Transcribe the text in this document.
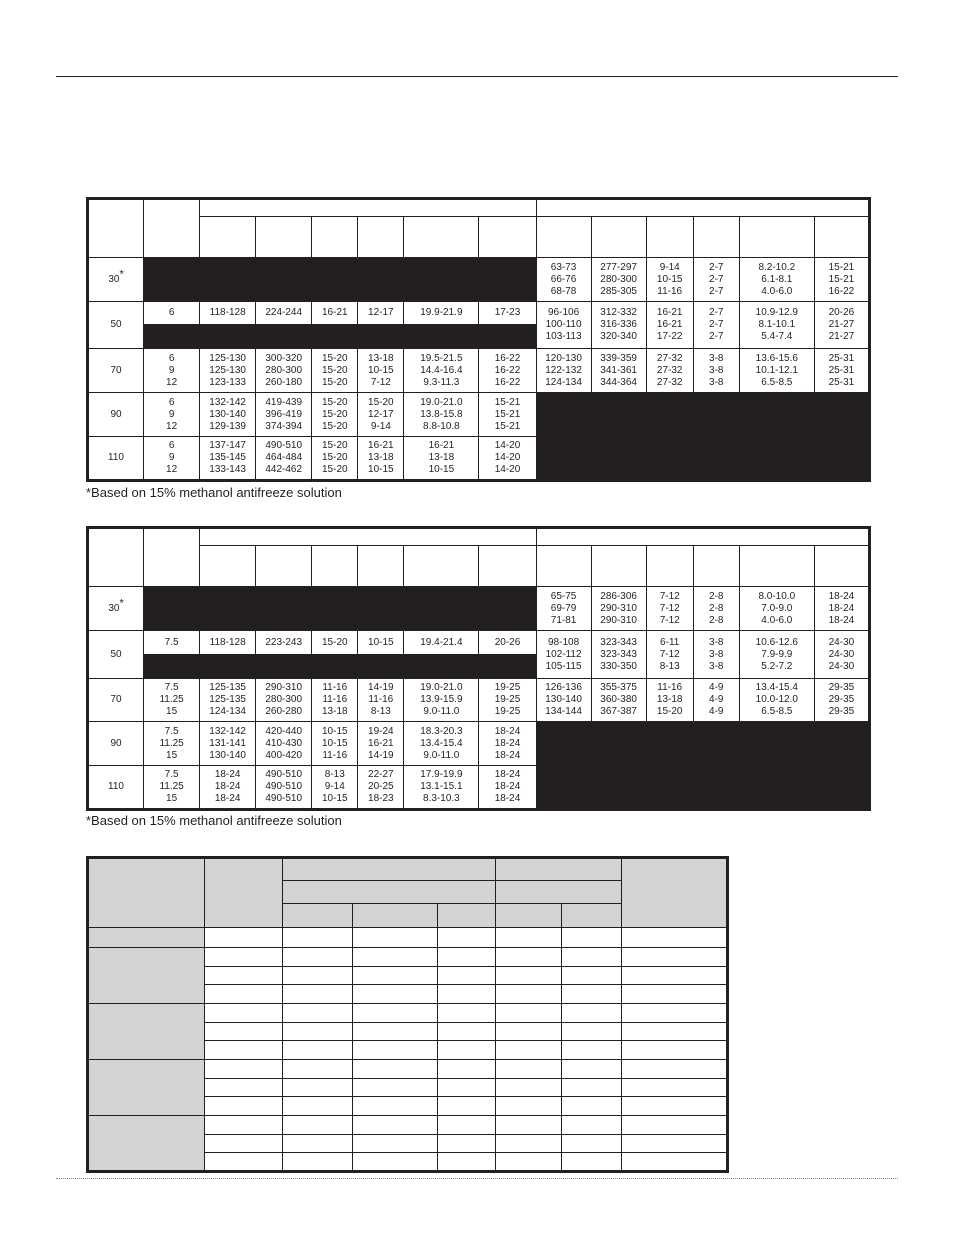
30*								63-73
66-76
68-78	277-297
280-300
285-305	9-14
10-15
11-16	2-7
2-7
2-7	8.2-10.2
6.1-8.1
4.0-6.0	15-21
15-21
16-22
50	6	118-128	224-244	16-21	12-17	19.9-21.9	17-23	96-106
100-110
103-113	312-332
316-336
320-340	16-21
16-21
17-22	2-7
2-7
2-7	10.9-12.9
8.1-10.1
5.4-7.4	20-26
21-27
21-27

70	6
9
12	125-130
125-130
123-133	300-320
280-300
260-180	15-20
15-20
15-20	13-18
10-15
7-12	19.5-21.5
14.4-16.4
9.3-11.3	16-22
16-22
16-22	120-130
122-132
124-134	339-359
341-361
344-364	27-32
27-32
27-32	3-8
3-8
3-8	13.6-15.6
10.1-12.1
6.5-8.5	25-31
25-31
25-31
90	6
9
12	132-142
130-140
129-139	419-439
396-419
374-394	15-20
15-20
15-20	15-20
12-17
9-14	19.0-21.0
13.8-15.8
8.8-10.8	15-21
15-21
15-21						
110	6
9
12	137-147
135-145
133-143	490-510
464-484
442-462	15-20
15-20
15-20	16-21
13-18
10-15	16-21
13-18
10-15	14-20
14-20
14-20						
*Based on 15% methanol antifreeze solution

30*								65-75
69-79
71-81	286-306
290-310
290-310	7-12
7-12
7-12	2-8
2-8
2-8	8.0-10.0
7.0-9.0
4.0-6.0	18-24
18-24
18-24
50	7.5	118-128	223-243	15-20	10-15	19.4-21.4	20-26	98-108
102-112
105-115	323-343
323-343
330-350	6-11
7-12
8-13	3-8
3-8
3-8	10.6-12.6
7.9-9.9
5.2-7.2	24-30
24-30
24-30

70	7.5
11.25
15	125-135
125-135
124-134	290-310
280-300
260-280	11-16
11-16
13-18	14-19
11-16
8-13	19.0-21.0
13.9-15.9
9.0-11.0	19-25
19-25
19-25	126-136
130-140
134-144	355-375
360-380
367-387	11-16
13-18
15-20	4-9
4-9
4-9	13.4-15.4
10.0-12.0
6.5-8.5	29-35
29-35
29-35
90	7.5
11.25
15	132-142
131-141
130-140	420-440
410-430
400-420	10-15
10-15
11-16	19-24
16-21
14-19	18.3-20.3
13.4-15.4
9.0-11.0	18-24
18-24
18-24						
110	7.5
11.25
15	18-24
18-24
18-24	490-510
490-510
490-510	8-13
9-14
10-15	22-27
20-25
18-23	17.9-19.9
13.1-15.1
8.3-10.3	18-24
18-24
18-24						
*Based on 15% methanol antifreeze solution
